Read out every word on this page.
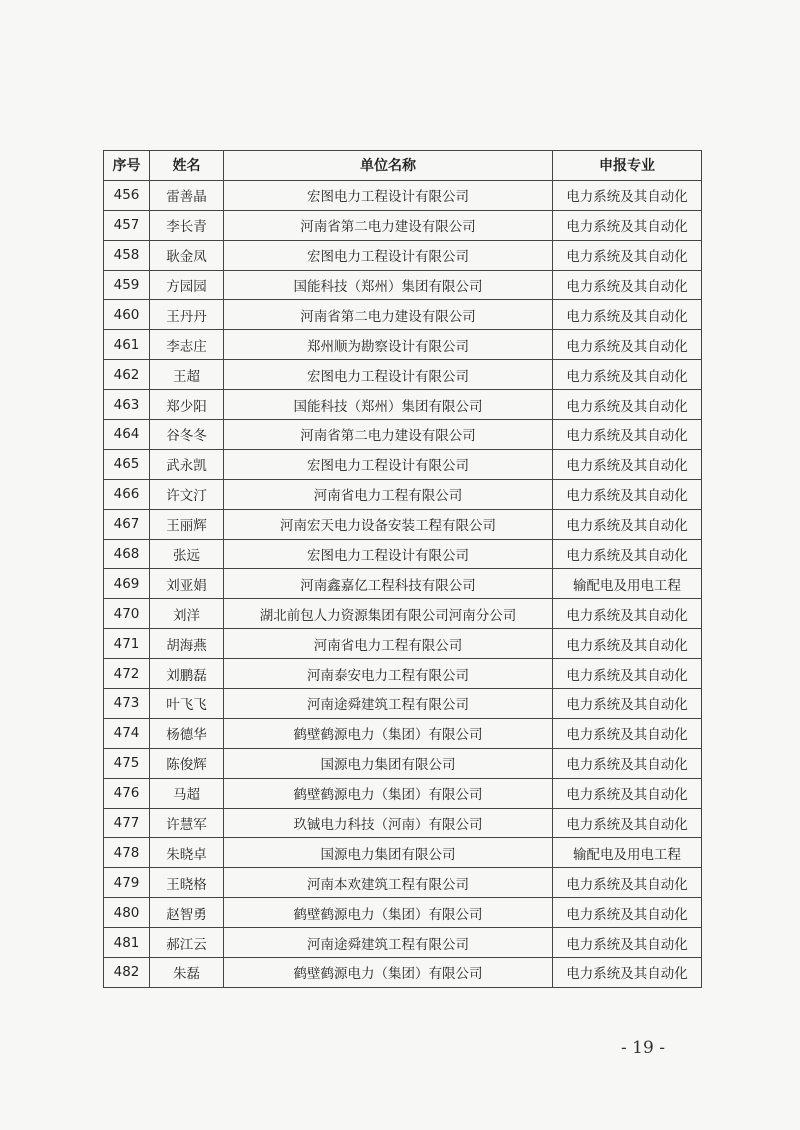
序号	姓名	单位名称	申报专业
456	雷善晶	宏图电力工程设计有限公司	电力系统及其自动化
457	李长青	河南省第二电力建设有限公司	电力系统及其自动化
458	耿金凤	宏图电力工程设计有限公司	电力系统及其自动化
459	方园园	国能科技（郑州）集团有限公司	电力系统及其自动化
460	王丹丹	河南省第二电力建设有限公司	电力系统及其自动化
461	李志庄	郑州顺为勘察设计有限公司	电力系统及其自动化
462	王超	宏图电力工程设计有限公司	电力系统及其自动化
463	郑少阳	国能科技（郑州）集团有限公司	电力系统及其自动化
464	谷冬冬	河南省第二电力建设有限公司	电力系统及其自动化
465	武永凯	宏图电力工程设计有限公司	电力系统及其自动化
466	许文汀	河南省电力工程有限公司	电力系统及其自动化
467	王丽辉	河南宏天电力设备安装工程有限公司	电力系统及其自动化
468	张远	宏图电力工程设计有限公司	电力系统及其自动化
469	刘亚娟	河南鑫嘉亿工程科技有限公司	输配电及用电工程
470	刘洋	湖北前包人力资源集团有限公司河南分公司	电力系统及其自动化
471	胡海燕	河南省电力工程有限公司	电力系统及其自动化
472	刘鹏磊	河南泰安电力工程有限公司	电力系统及其自动化
473	叶飞飞	河南途舜建筑工程有限公司	电力系统及其自动化
474	杨德华	鹤壁鹤源电力（集团）有限公司	电力系统及其自动化
475	陈俊辉	国源电力集团有限公司	电力系统及其自动化
476	马超	鹤壁鹤源电力（集团）有限公司	电力系统及其自动化
477	许慧军	玖铖电力科技（河南）有限公司	电力系统及其自动化
478	朱晓卓	国源电力集团有限公司	输配电及用电工程
479	王晓格	河南本欢建筑工程有限公司	电力系统及其自动化
480	赵智勇	鹤壁鹤源电力（集团）有限公司	电力系统及其自动化
481	郝江云	河南途舜建筑工程有限公司	电力系统及其自动化
482	朱磊	鹤壁鹤源电力（集团）有限公司	电力系统及其自动化
- 19 -
